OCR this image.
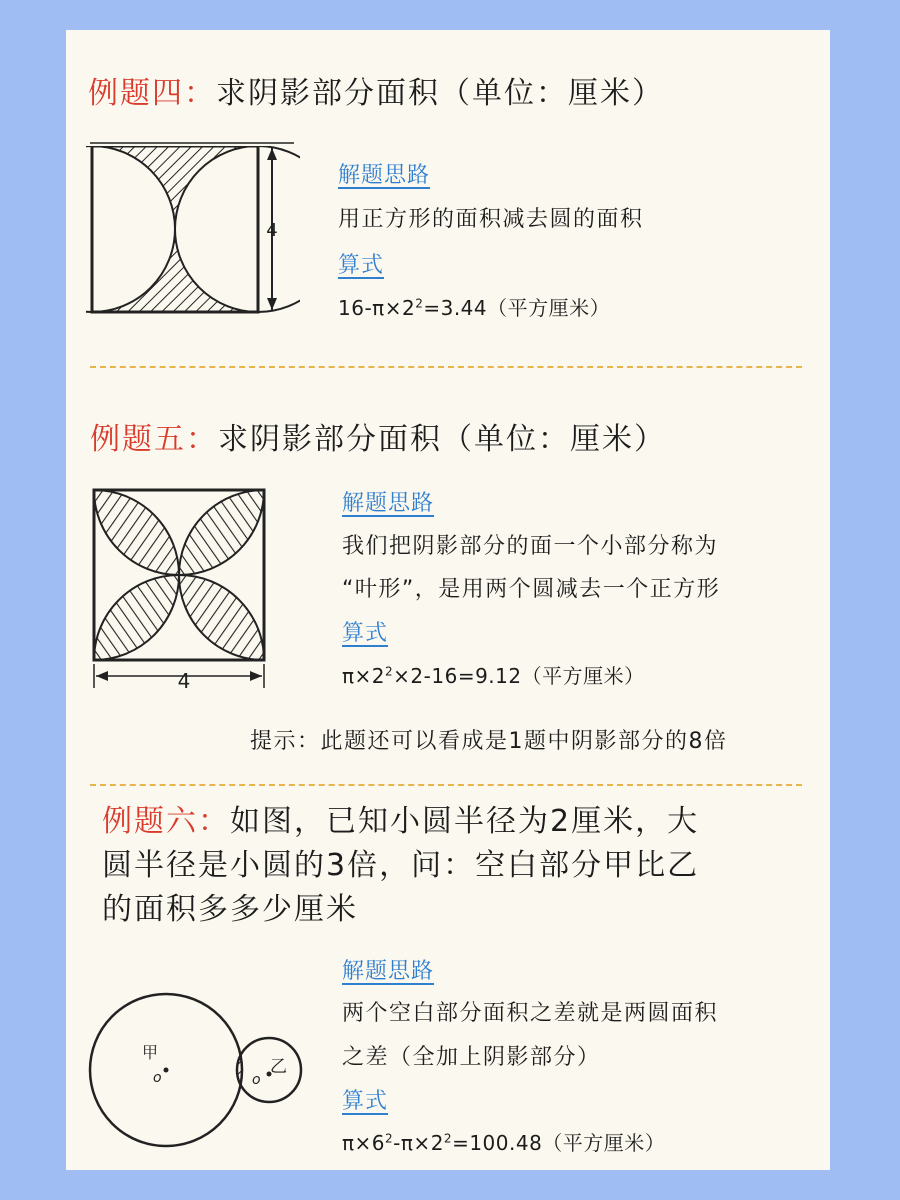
例题四：求阴影部分面积（单位：厘米）
4
解题思路
用正方形的面积减去圆的面积
算式
$16-\pi\times 2^2=3.44$（平方厘米）
例题五：求阴影部分面积（单位：厘米）
4
解题思路
我们把阴影部分的面一个小部分称为
“叶形”，是用两个圆减去一个正方形
算式
$\pi\times 2^2\times 2-16=9.12$（平方厘米）
提示：此题还可以看成是1题中阴影部分的8倍
例题六：如图，已知小圆半径为2厘米，大
圆半径是小圆的3倍，问：空白部分甲比乙
的面积多多少厘米
甲
o	o
乙
解题思路
两个空白部分面积之差就是两圆面积
之差（全加上阴影部分）
算式
$\pi\times 6^2-\pi\times 2^2=100.48$（平方厘米）
